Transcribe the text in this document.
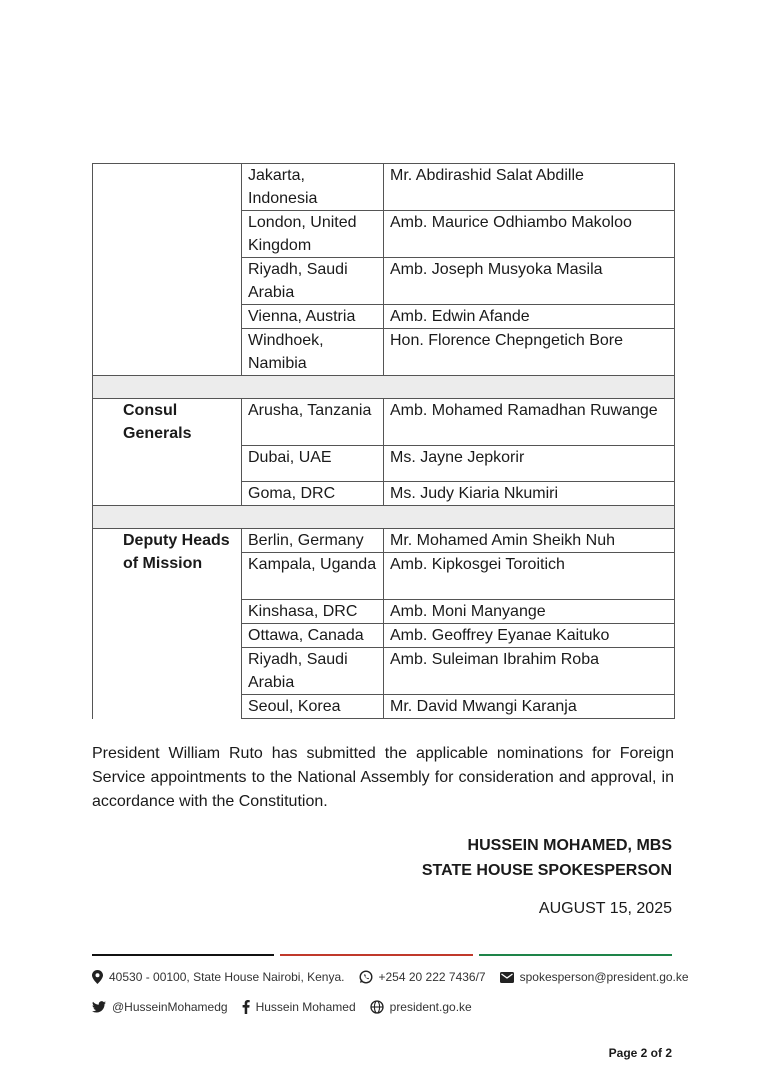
	Jakarta, Indonesia	Mr. Abdirashid Salat Abdille
	London, United Kingdom	Amb. Maurice Odhiambo Makoloo
	Riyadh, Saudi Arabia	Amb. Joseph Musyoka Masila
	Vienna, Austria	Amb. Edwin Afande
	Windhoek, Namibia	Hon. Florence Chepngetich Bore

Consul Generals	Arusha, Tanzania	Amb. Mohamed Ramadhan Ruwange
	Dubai, UAE	Ms. Jayne Jepkorir
	Goma, DRC	Ms. Judy Kiaria Nkumiri

Deputy Heads of Mission	Berlin, Germany	Mr. Mohamed Amin Sheikh Nuh
	Kampala, Uganda	Amb. Kipkosgei Toroitich
	Kinshasa, DRC	Amb. Moni Manyange
	Ottawa, Canada	Amb. Geoffrey Eyanae Kaituko
	Riyadh, Saudi Arabia	Amb. Suleiman Ibrahim Roba
	Seoul, Korea	Mr. David Mwangi Karanja

President William Ruto has submitted the applicable nominations for Foreign Service appointments to the National Assembly for consideration and approval, in accordance with the Constitution.

HUSSEIN MOHAMED, MBS
STATE HOUSE SPOKESPERSON
AUGUST 15, 2025
40530 - 00100, State House Nairobi, Kenya.	+254 20 222 7436/7	spokesperson@president.go.ke
@HusseinMohamedg Hussein Mohamed	president.go.ke
Page 2 of 2
